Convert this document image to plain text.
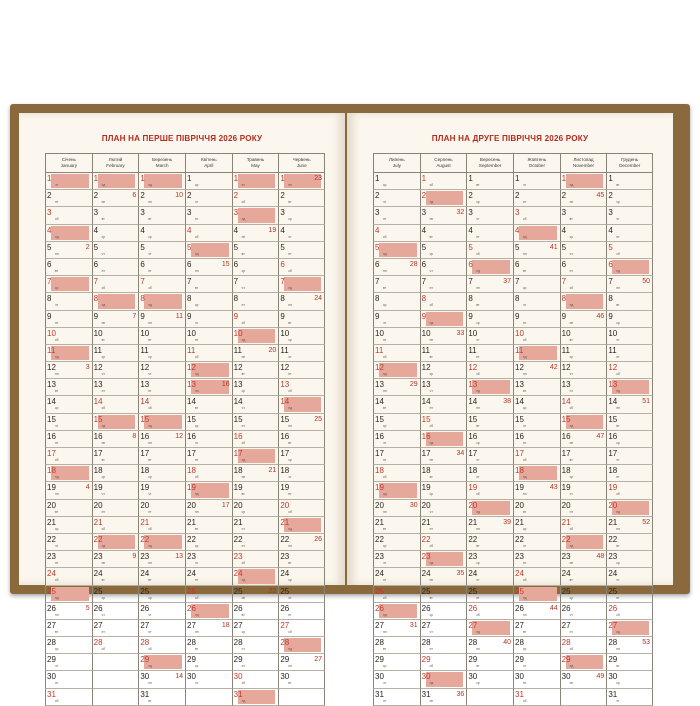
ПЛАН НА ПЕРШЕ ПІВРІЧЧЯ 2026 РОКУ
Січень
January
Лютий
February
Березень
March
Квітень
April
Травень
May
Червень
June
1
чт
1
нд
1
нд
1
ср
1
пт
1
пн
23
2
пт
2
пн
6 2
пн
10 2
чт
2
сб
2
вт
3
сб
3
вт
3
вт
3
пт
3
нд
3
ср
4
нд
4
ср
4
ср
4
сб
4
пн
19 4
чт
5
пн
2 5
чт
5
чт
5
нд
5
вт
5
пт
6
вт
6
пт
6
пт
6
пн
15 6
ср
6
сб
7
ср
7
сб
7
сб
7
вт
7
чт
7
нд
8
чт
8
нд
8
нд
8
ср
8
пт
8
пн
24
9
пт
9
пн
7 9
пн
11 9
чт
9
сб
9
вт
10
сб
10
вт
10
вт
10
пт
10
нд
10
ср
11
нд
11
ср
11
ср
11
сб
11
пн
20 11
чт
12
пн
3 12
чт
12
чт
12
нд
12
вт
12
пт
13
вт
13
пт
13
пт
13
пн
16 13
ср
13
сб
14
ср
14
сб
14
сб
14
вт
14
чт
14
нд
15
чт
15
нд
15
нд
15
ср
15
пт
15
пн
25
16
пт
16
пн
8 16
пн
12 16
чт
16
сб
16
вт
17
сб
17
вт
17
вт
17
пт
17
нд
17
ср
18
нд
18
ср
18
ср
18
сб
18
пн
21 18
чт
19
пн
4 19
чт
19
чт
19
нд
19
вт
19
пт
20
вт
20
пт
20
пт
20
пн
17 20
ср
20
сб
21
ср
21
сб
21
сб
21
вт
21
чт
21
нд
22
чт
22
нд
22
нд
22
ср
22
пт
22
пн
26
23
пт
23
пн
9 23
пн
13 23
чт
23
сб
23
вт
24
сб
24
вт
24
вт
24
пт
24
нд
24
ср
25
нд
25
ср
25
ср
25
сб
25
пн
22 25
чт
26
пн
5 26
чт
26
чт
26
нд
26
вт
26
пт
27
вт
27
пт
27
пт
27
пн
18 27
ср
27
сб
28
ср
28
сб
28
сб
28
вт
28
чт
28
нд
29
чт
29
нд
29
ср
29
пт
29
пн
27
30
пт
30
пн
14 30
чт
30
сб
30
вт
31
сб
31
вт
31
нд
ПЛАН НА ДРУГЕ ПІВРІЧЧЯ 2026 РОКУ
Липень
July
Серпень
August
Вересень
September
Жовтень
October
Листопад
November
Грудень
December
1
ср
1
сб
1
вт
1
чт
1
нд
1
вт
2
чт
2
нд
2
ср
2
пт
2
пн
45 2
ср
3
пт
3
пн
32 3
чт
3
сб
3
вт
3
чт
4
сб
4
вт
4
пт
4
нд
4
ср
4
пт
5
нд
5
ср
5
сб
5
пн
41 5
чт
5
сб
6
пн
28 6
чт
6
нд
6
вт
6
пт
6
нд
7
вт
7
пт
7
пн
37 7
ср
7
сб
7
пн
50
8
ср
8
сб
8
вт
8
чт
8
нд
8
вт
9
чт
9
нд
9
ср
9
пт
9
пн
46 9
ср
10
пт
10
пн
33 10
чт
10
сб
10
вт
10
чт
11
сб
11
вт
11
пт
11
нд
11
ср
11
пт
12
нд
12
ср
12
сб
12
пн
42 12
чт
12
сб
13
пн
29 13
чт
13
нд
13
вт
13
пт
13
нд
14
вт
14
пт
14
пн
38 14
ср
14
сб
14
пн
51
15
ср
15
сб
15
вт
15
чт
15
нд
15
вт
16
чт
16
нд
16
ср
16
пт
16
пн
47 16
ср
17
пт
17
пн
34 17
чт
17
сб
17
вт
17
чт
18
сб
18
вт
18
пт
18
нд
18
ср
18
пт
19
нд
19
ср
19
сб
19
пн
43 19
чт
19
сб
20
пн
30 20
чт
20
нд
20
вт
20
пт
20
нд
21
вт
21
пт
21
пн
39 21
ср
21
сб
21
пн
52
22
ср
22
сб
22
вт
22
чт
22
нд
22
вт
23
чт
23
нд
23
ср
23
пт
23
пн
48 23
ср
24
пт
24
пн
35 24
чт
24
сб
24
вт
24
чт
25
сб
25
вт
25
пт
25
нд
25
ср
25
пт
26
нд
26
ср
26
сб
26
пн
44 26
чт
26
сб
27
пн
31 27
чт
27
нд
27
вт
27
пт
27
нд
28
вт
28
пт
28
пн
40 28
ср
28
сб
28
пн
53
29
ср
29
сб
29
вт
29
чт
29
нд
29
вт
30
чт
30
нд
30
ср
30
пт
30
пн
49 30
ср
31
пт
31
пн
36	31
сб
31
чт
